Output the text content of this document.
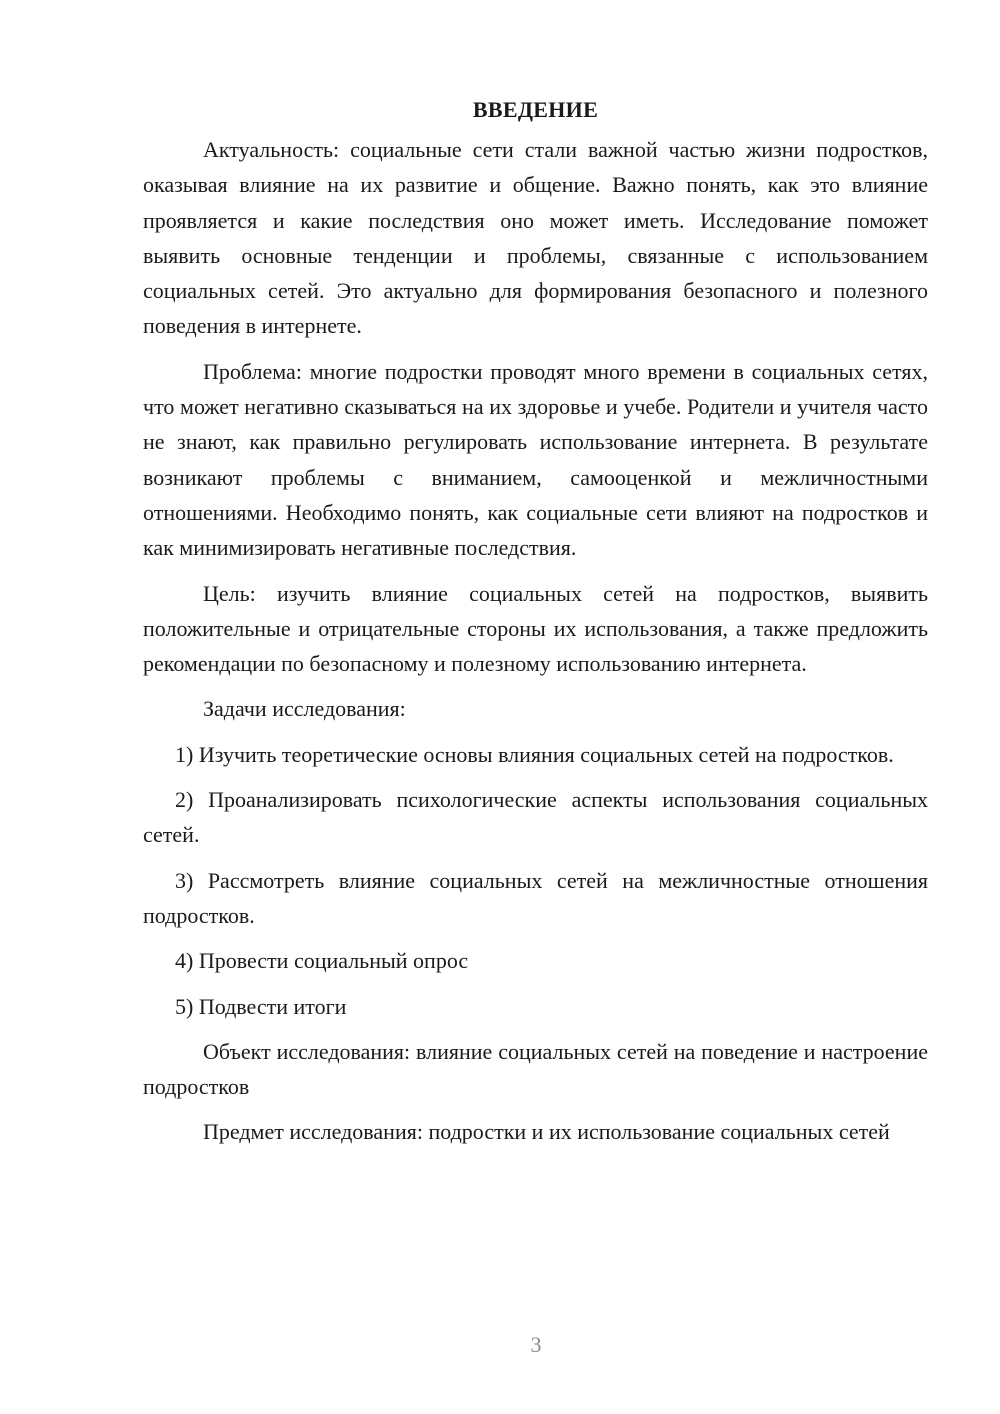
ВВЕДЕНИЕ

Актуальность: социальные сети стали важной частью жизни подростков, оказывая влияние на их развитие и общение. Важно понять, как это влияние проявляется и какие последствия оно может иметь. Исследование поможет выявить основные тенденции и проблемы, связанные с использованием социальных сетей. Это актуально для формирования безопасного и полезного поведения в интернете.

Проблема: многие подростки проводят много времени в социальных сетях, что может негативно сказываться на их здоровье и учебе. Родители и учителя часто не знают, как правильно регулировать использование интернета. В результате возникают проблемы с вниманием, самооценкой и межличностными отношениями. Необходимо понять, как социальные сети влияют на подростков и как минимизировать негативные последствия.

Цель: изучить влияние социальных сетей на подростков, выявить положительные и отрицательные стороны их использования, а также предложить рекомендации по безопасному и полезному использованию интернета.

Задачи исследования:

1) Изучить теоретические основы влияния социальных сетей на подростков.

2) Проанализировать психологические аспекты использования социальных сетей.

3) Рассмотреть влияние социальных сетей на межличностные отношения подростков.

4) Провести социальный опрос

5) Подвести итоги

Объект исследования: влияние социальных сетей на поведение и настроение подростков

Предмет исследования: подростки и их использование социальных сетей

3
